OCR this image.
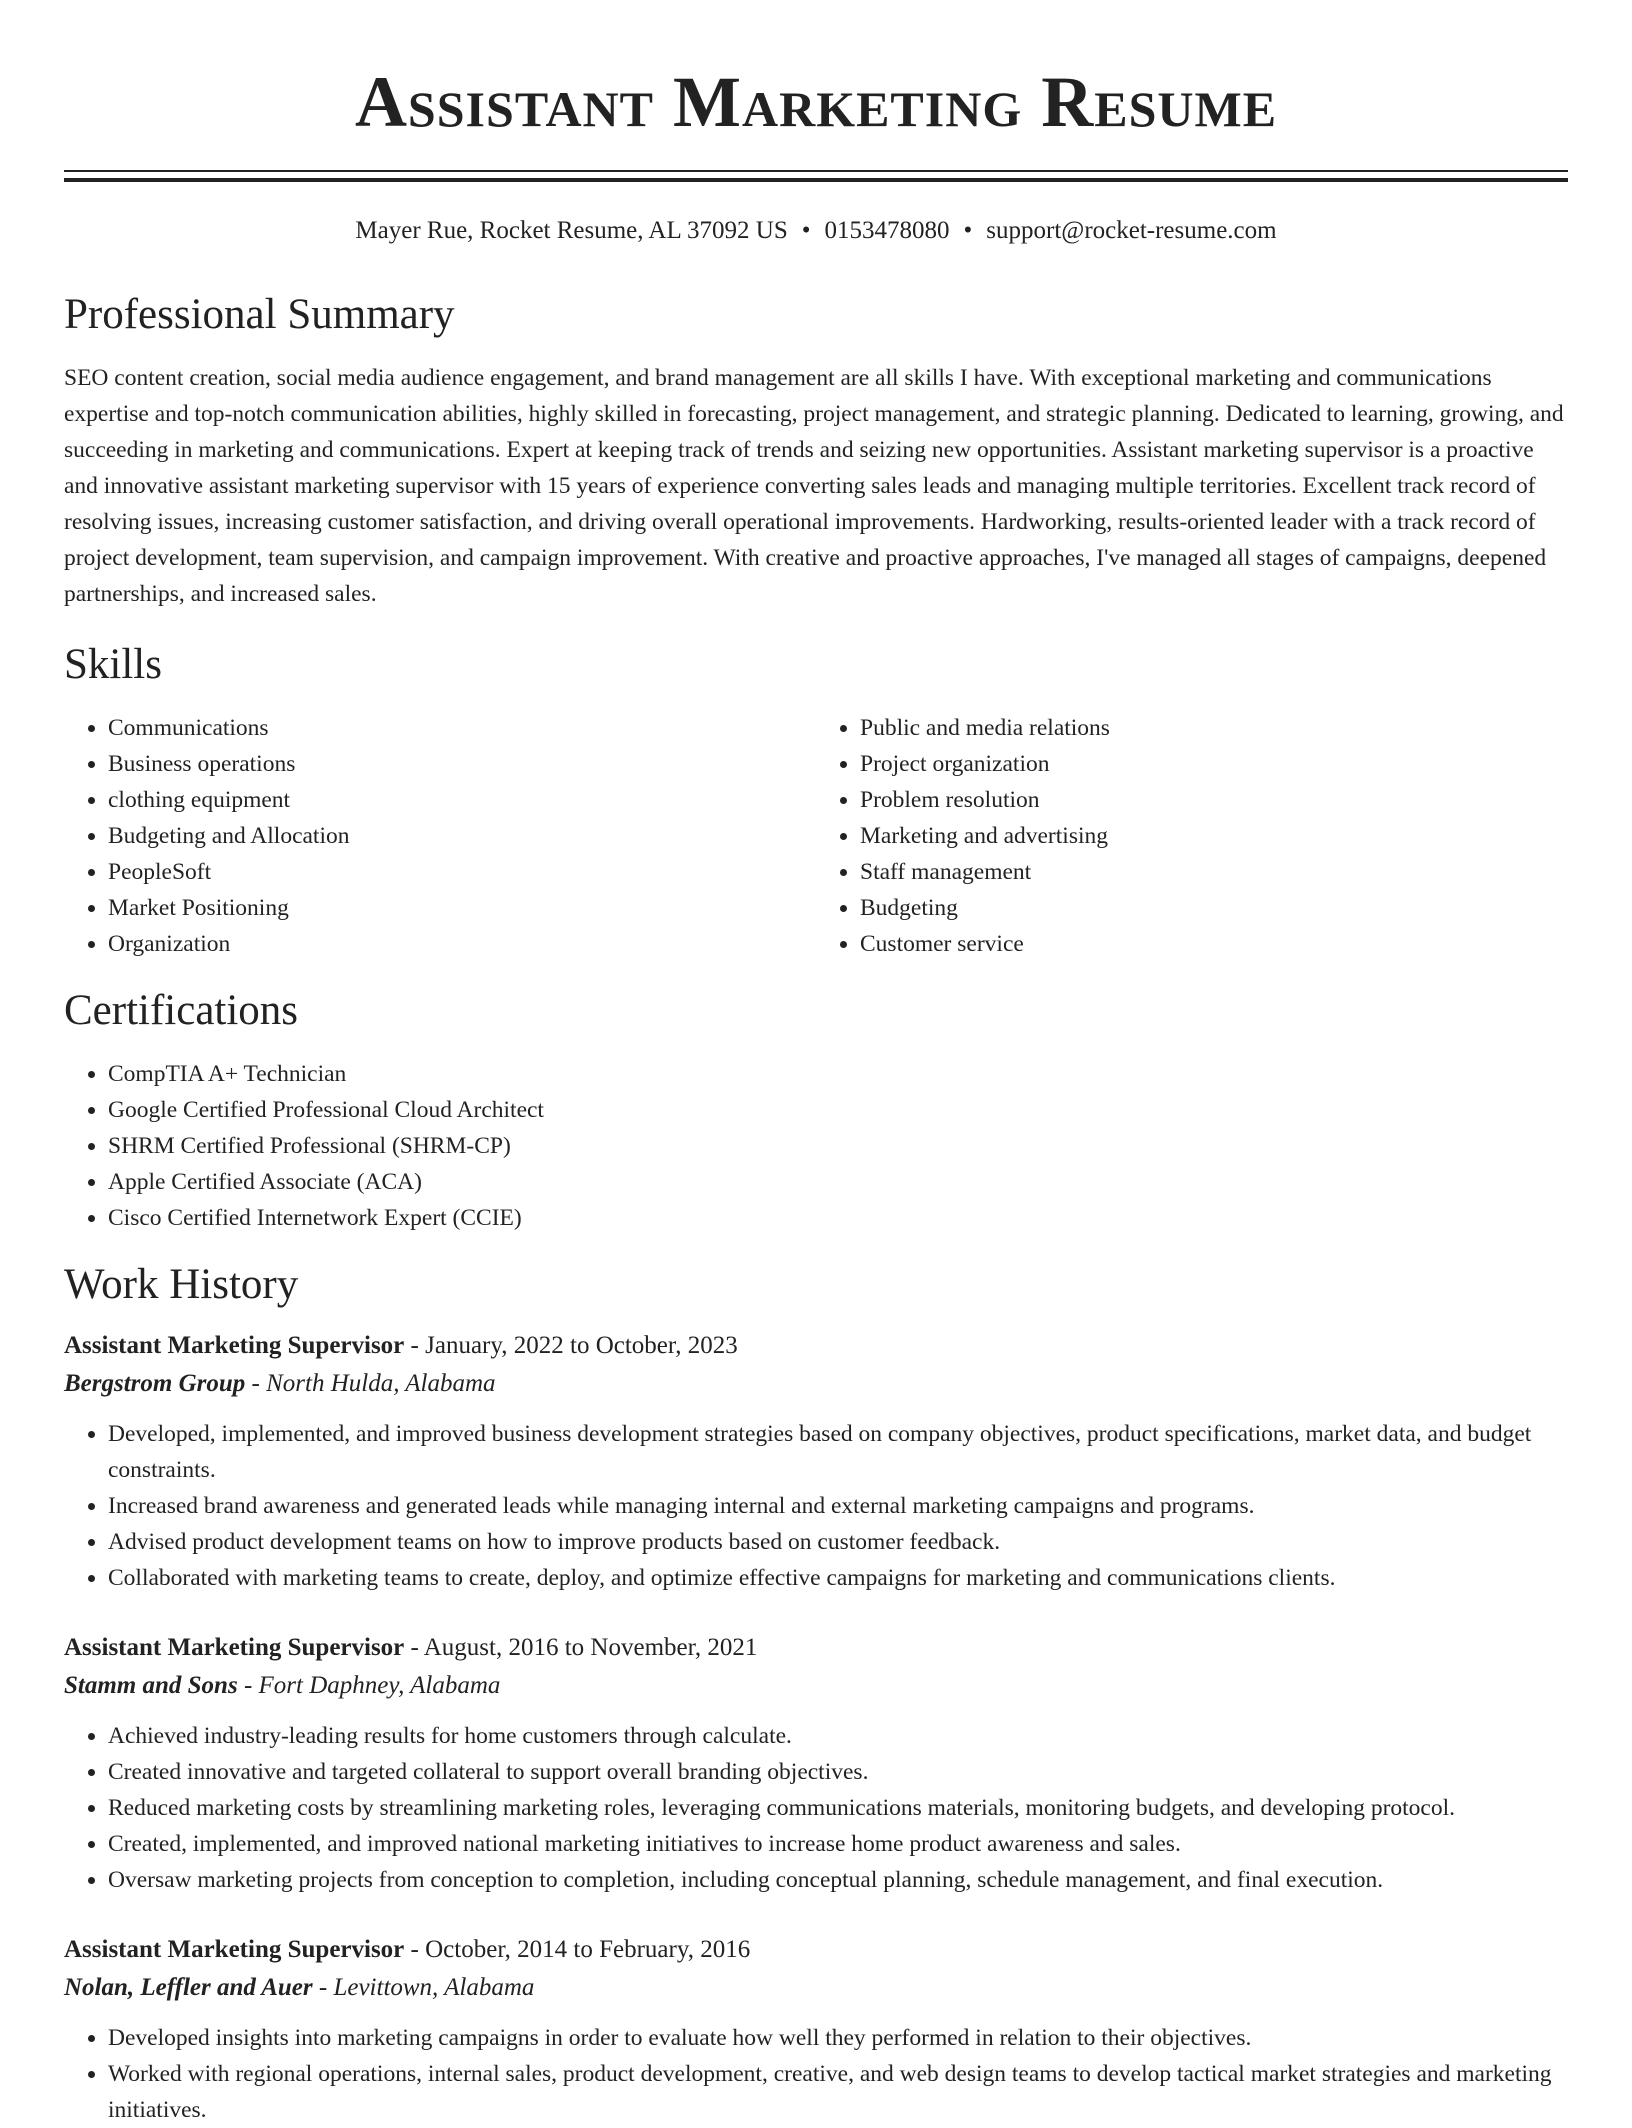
Assistant Marketing Resume
Mayer Rue, Rocket Resume, AL 37092 US • 0153478080 • support@rocket-resume.com
Professional Summary

SEO content creation, social media audience engagement, and brand management are all skills I have. With exceptional marketing and communications expertise and top-notch communication abilities, highly skilled in forecasting, project management, and strategic planning. Dedicated to learning, growing, and succeeding in marketing and communications. Expert at keeping track of trends and seizing new opportunities. Assistant marketing supervisor is a proactive and innovative assistant marketing supervisor with 15 years of experience converting sales leads and managing multiple territories. Excellent track record of resolving issues, increasing customer satisfaction, and driving overall operational improvements. Hardworking, results-oriented leader with a track record of project development, team supervision, and campaign improvement. With creative and proactive approaches, I've managed all stages of campaigns, deepened partnerships, and increased sales.

Skills
• Communications
• Business operations
• clothing equipment
• Budgeting and Allocation
• PeopleSoft
• Market Positioning
• Organization
• Public and media relations
• Project organization
• Problem resolution
• Marketing and advertising
• Staff management
• Budgeting
• Customer service
Certifications
• CompTIA A+ Technician
• Google Certified Professional Cloud Architect
• SHRM Certified Professional (SHRM-CP)
• Apple Certified Associate (ACA)
• Cisco Certified Internetwork Expert (CCIE)
Work History
Assistant Marketing Supervisor - January, 2022 to October, 2023
Bergstrom Group - North Hulda, Alabama
• Developed, implemented, and improved business development strategies based on company objectives, product specifications, market data, and budget constraints.
• Increased brand awareness and generated leads while managing internal and external marketing campaigns and programs.
• Advised product development teams on how to improve products based on customer feedback.
• Collaborated with marketing teams to create, deploy, and optimize effective campaigns for marketing and communications clients.
Assistant Marketing Supervisor - August, 2016 to November, 2021
Stamm and Sons - Fort Daphney, Alabama
• Achieved industry-leading results for home customers through calculate.
• Created innovative and targeted collateral to support overall branding objectives.
• Reduced marketing costs by streamlining marketing roles, leveraging communications materials, monitoring budgets, and developing protocol.
• Created, implemented, and improved national marketing initiatives to increase home product awareness and sales.
• Oversaw marketing projects from conception to completion, including conceptual planning, schedule management, and final execution.
Assistant Marketing Supervisor - October, 2014 to February, 2016
Nolan, Leffler and Auer - Levittown, Alabama
• Developed insights into marketing campaigns in order to evaluate how well they performed in relation to their objectives.
• Worked with regional operations, internal sales, product development, creative, and web design teams to develop tactical market strategies and marketing initiatives.
